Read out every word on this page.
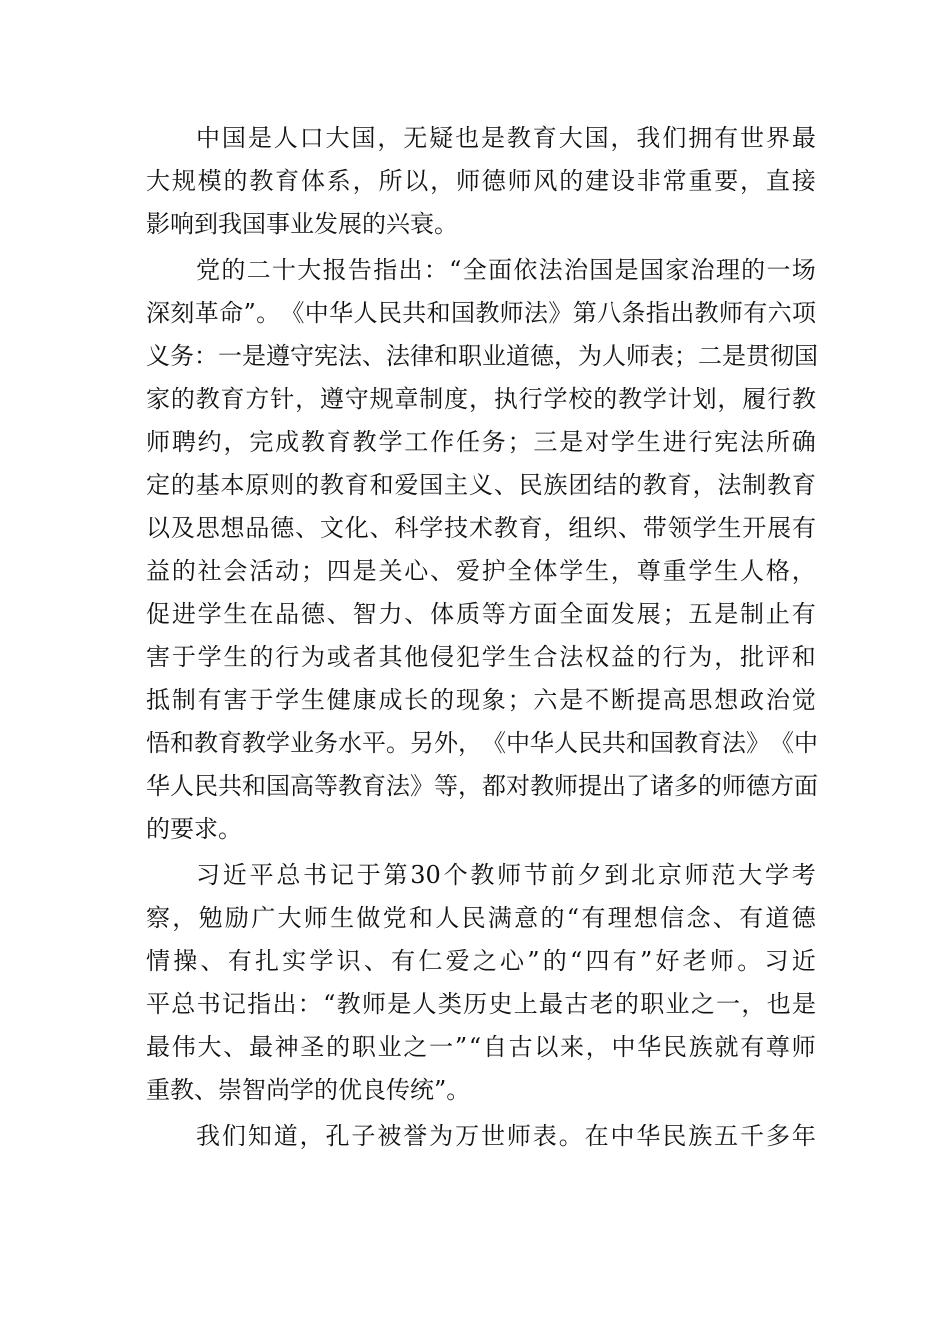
中 国 是 人 口 大 国 ， 无 疑 也 是 教 育 大 国 ， 我 们 拥 有 世 界 最
大 规 模 的 教 育 体 系 ， 所 以 ， 师 德 师 风 的 建 设 非 常 重 要 ， 直 接
影响到我国事业发展的兴衰。
党 的 二 十 大 报 告 指 出 ： “ 全 面 依 法 治 国 是 国 家 治 理 的 一 场
深 刻 革 命 ” 。 《 中 华 人 民 共 和 国 教 师 法 》 第 八 条 指 出 教 师 有 六 项
义 务 ： 一 是 遵 守 宪 法 、 法 律 和 职 业 道 德 ， 为 人 师 表 ； 二 是 贯 彻 国
家 的 教 育 方 针 ， 遵 守 规 章 制 度 ， 执 行 学 校 的 教 学 计 划 ， 履 行 教
师 聘 约 ， 完 成 教 育 教 学 工 作 任 务 ； 三 是 对 学 生 进 行 宪 法 所 确
定 的 基 本 原 则 的 教 育 和 爱 国 主 义 、 民 族 团 结 的 教 育 ， 法 制 教 育
以 及 思 想 品 德 、 文 化 、 科 学 技 术 教 育 ， 组 织 、 带 领 学 生 开 展 有
益 的 社 会 活 动 ； 四 是 关 心 、 爱 护 全 体 学 生 ， 尊 重 学 生 人 格 ，
促 进 学 生 在 品 德 、 智 力 、 体 质 等 方 面 全 面 发 展 ； 五 是 制 止 有
害 于 学 生 的 行 为 或 者 其 他 侵 犯 学 生 合 法 权 益 的 行 为 ， 批 评 和
抵 制 有 害 于 学 生 健 康 成 长 的 现 象 ； 六 是 不 断 提 高 思 想 政 治 觉
悟 和 教 育 教 学 业 务 水 平 。 另 外 ， 《 中 华 人 民 共 和 国 教 育 法 》 《 中
华 人 民 共 和 国 高 等 教 育 法 》 等 ， 都 对 教 师 提 出 了 诸 多 的 师 德 方 面
的要求。
习 近 平 总 书 记 于 第 30 个 教 师 节 前 夕 到 北 京 师 范 大 学 考
察 ， 勉 励 广 大 师 生 做 党 和 人 民 满 意 的 “ 有 理 想 信 念 、 有 道 德
情 操 、 有 扎 实 学 识 、 有 仁 爱 之 心 ” 的 “ 四 有 ” 好 老 师 。 习 近
平 总 书 记 指 出 ： “ 教 师 是 人 类 历 史 上 最 古 老 的 职 业 之 一 ， 也 是
最 伟 大 、 最 神 圣 的 职 业 之 一 ” “ 自 古 以 来 ， 中 华 民 族 就 有 尊 师
重教、崇智尚学的优良传统”。
我 们 知 道 ， 孔 子 被 誉 为 万 世 师 表 。 在 中 华 民 族 五 千 多 年
